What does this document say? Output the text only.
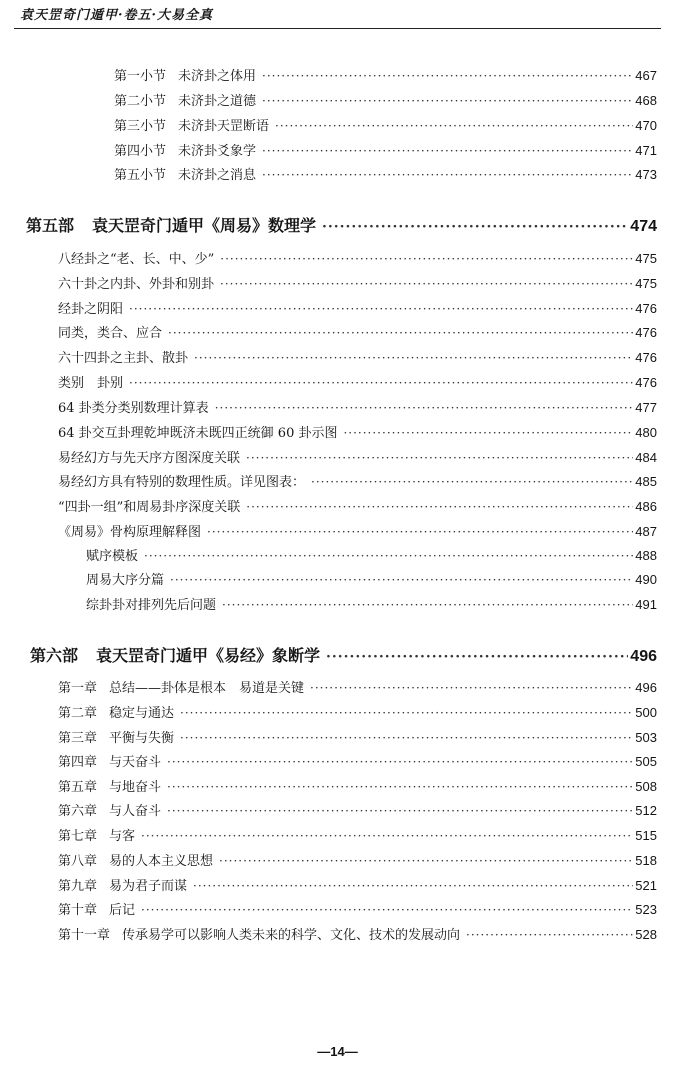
袁天罡奇门遁甲·卷五·大易全真
第一小节 未济卦之体用 ·····	467
第二小节 未济卦之道德 ·····	468
第三小节 未济卦天罡断语 ·····	470
第四小节 未济卦爻象学 ·····	471
第五小节 未济卦之消息 ·····	473
第五部 袁天罡奇门遁甲《周易》数理学 ·····	474
八经卦之“老、长、中、少” ·····	475
六十卦之内卦、外卦和别卦 ·····	475
经卦之阴阳 ·····	476
同类，类合、应合 ·····	476
六十四卦之主卦、散卦 ·····	476
类别　卦别 ·····	476
64 卦类分类别数理计算表 ·····	477
64 卦交互卦理乾坤既济未既四正统御 60 卦示图 ·····	480
易经幻方与先天序方图深度关联 ·····	484
易经幻方具有特别的数理性质。详见图表： ·····	485
“四卦一组”和周易卦序深度关联 ·····	486
《周易》骨构原理解释图 ·····	487
赋序模板 ·····	488
周易大序分篇 ·····	490
综卦卦对排列先后问题 ·····	491
第六部 袁天罡奇门遁甲《易经》象断学 ·····	496
第一章 总结——卦体是根本　易道是关键 ·····	496
第二章 稳定与通达 ·····	500
第三章 平衡与失衡 ·····	503
第四章 与天奋斗 ·····	505
第五章 与地奋斗 ·····	508
第六章 与人奋斗 ·····	512
第七章 与客 ·····	515
第八章 易的人本主义思想 ·····	518
第九章 易为君子而谋 ·····	521
第十章 后记 ·····	523
第十一章 传承易学可以影响人类未来的科学、文化、技术的发展动向 ·····	528
—14—
